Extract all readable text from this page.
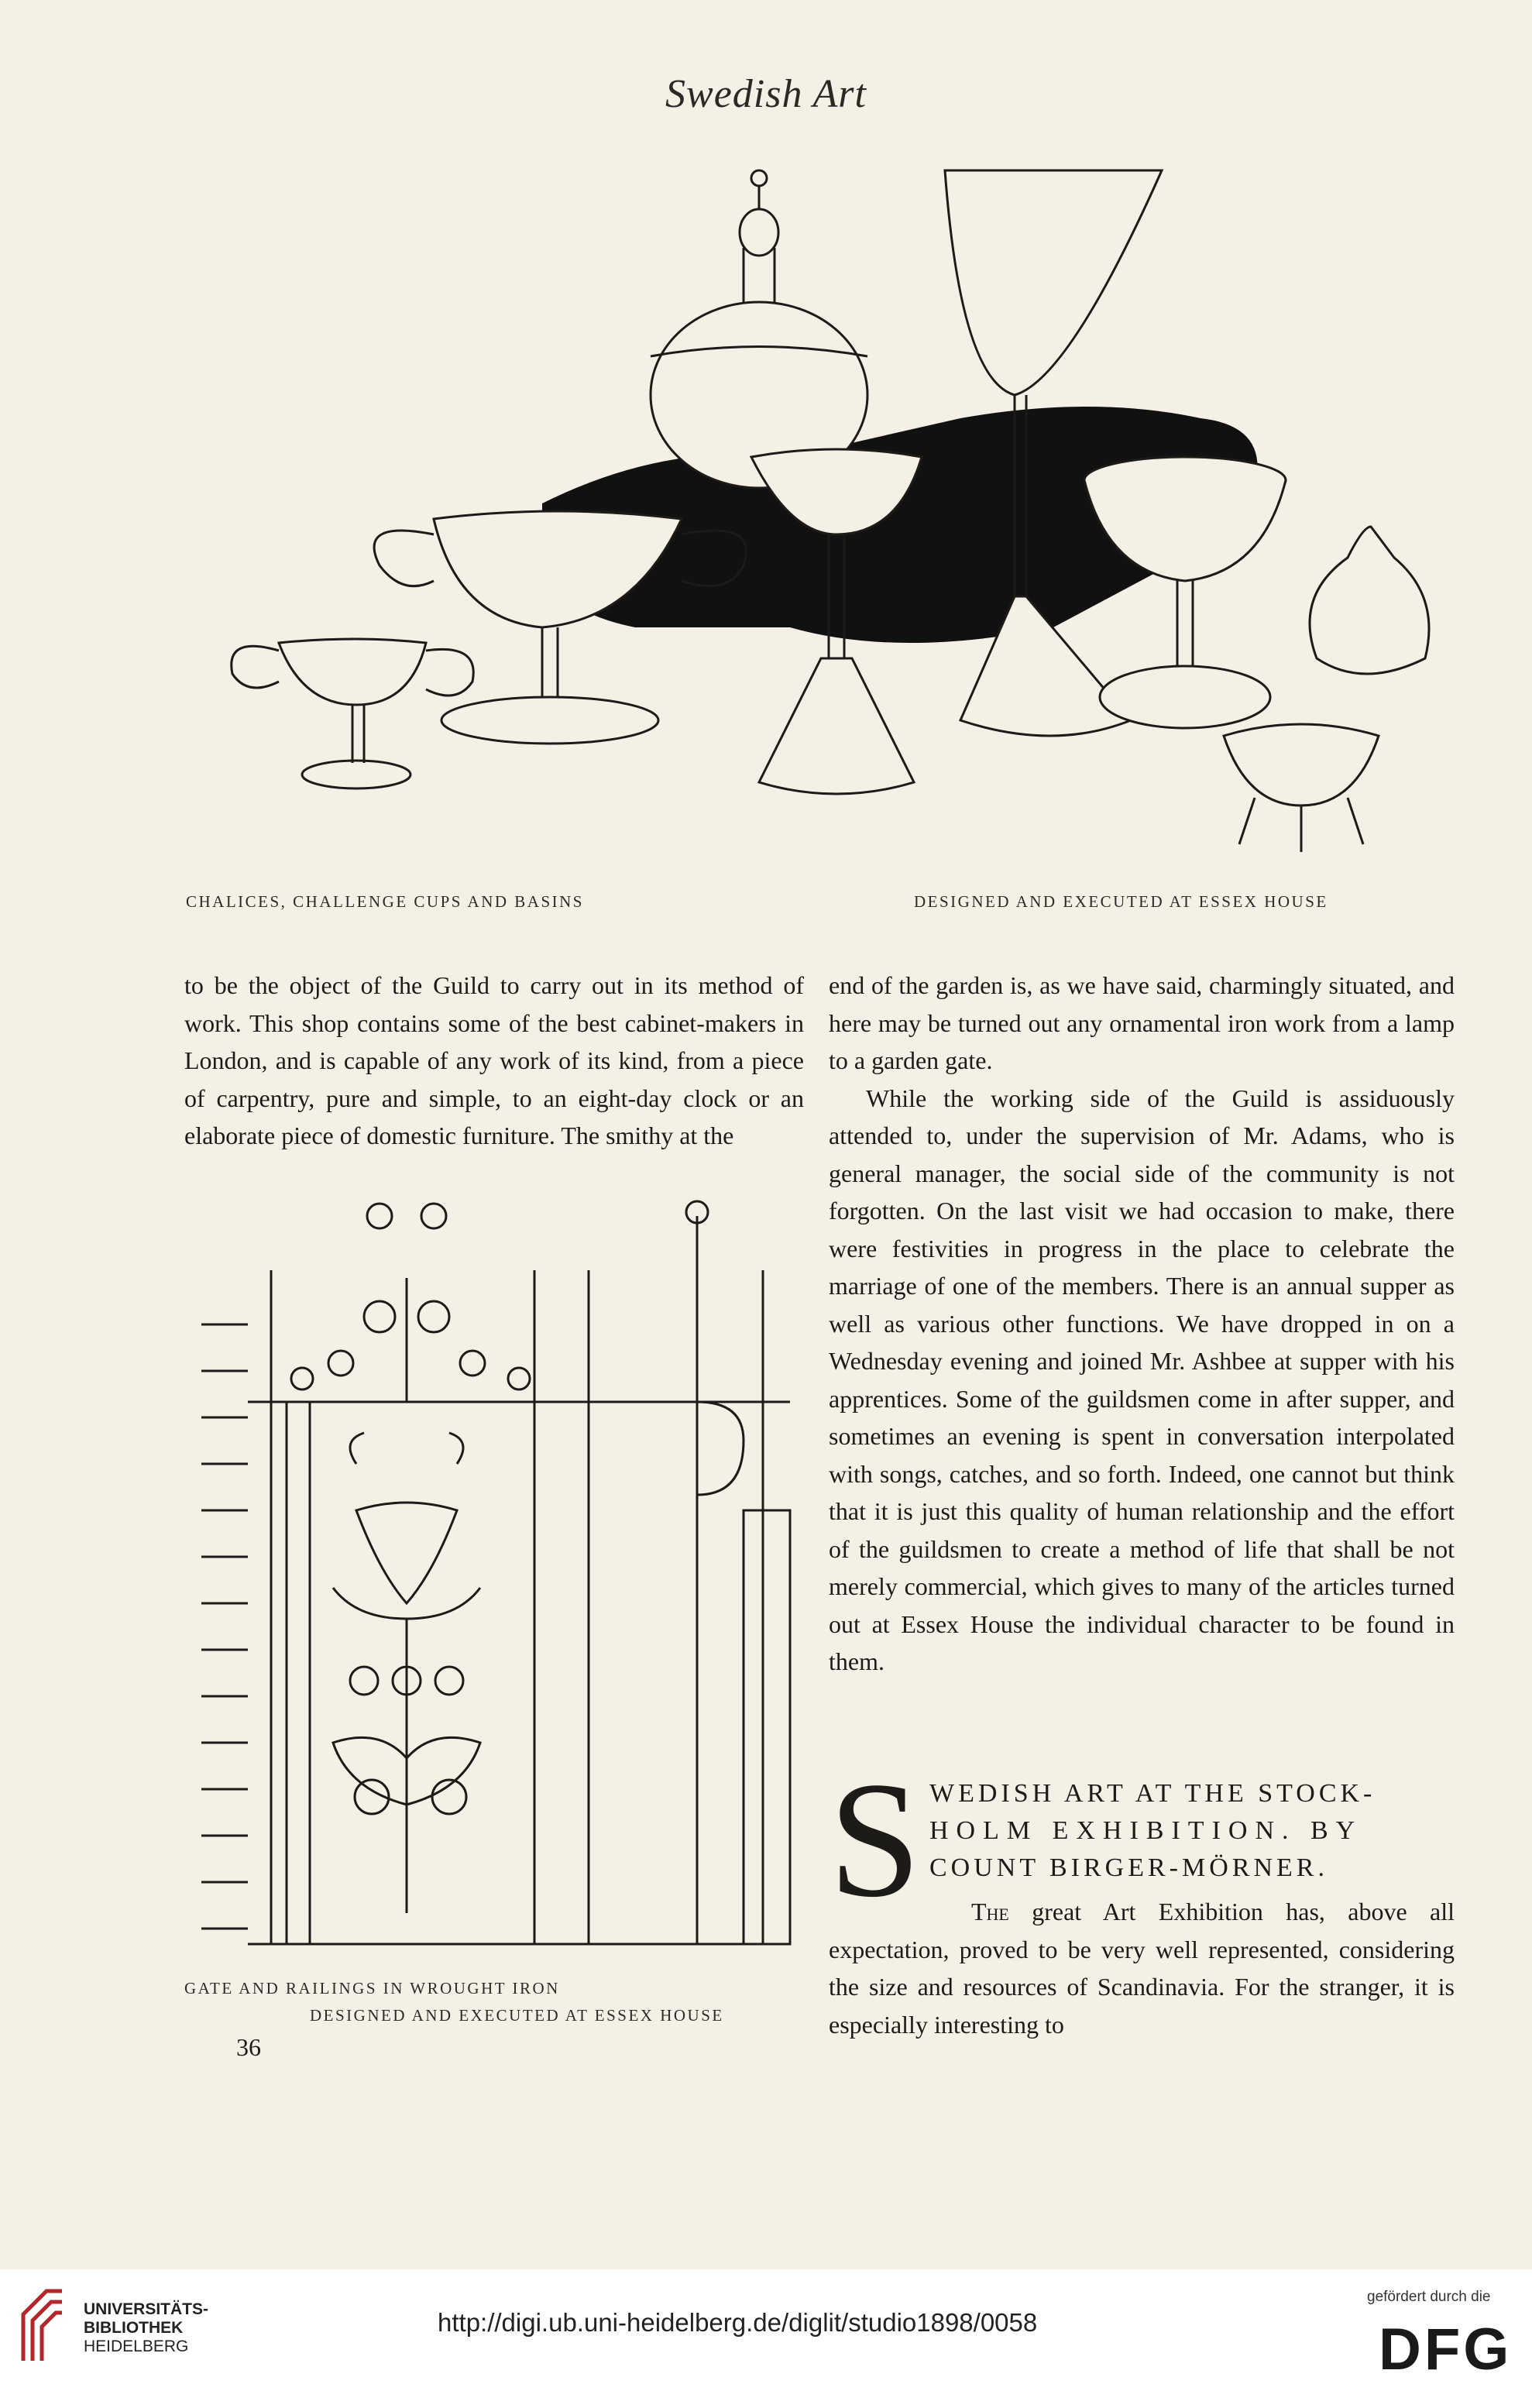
Swedish Art
CHALICES, CHALLENGE CUPS AND BASINS	DESIGNED AND EXECUTED AT ESSEX HOUSE

to be the object of the Guild to carry out in its method of work. This shop contains some of the best cabinet-makers in London, and is capable of any work of its kind, from a piece of carpentry, pure and simple, to an eight-day clock or an elaborate piece of domestic furniture. The smithy at the

GATE AND RAILINGS IN WROUGHT IRON
DESIGNED AND EXECUTED AT ESSEX HOUSE

end of the garden is, as we have said, charmingly situated, and here may be turned out any ornamental iron work from a lamp to a garden gate.

While the working side of the Guild is assiduously attended to, under the supervision of Mr. Adams, who is general manager, the social side of the community is not forgotten. On the last visit we had occasion to make, there were festivities in progress in the place to celebrate the marriage of one of the members. There is an annual supper as well as various other functions. We have dropped in on a Wednesday evening and joined Mr. Ashbee at supper with his apprentices. Some of the guildsmen come in after supper, and sometimes an evening is spent in conversation interpolated with songs, catches, and so forth. Indeed, one cannot but think that it is just this quality of human relationship and the effort of the guildsmen to create a method of life that shall be not merely commercial, which gives to many of the articles turned out at Essex House the individual character to be found in them.

S WEDISH ART AT THE STOCK-
HOLM EXHIBITION. BY
COUNT BIRGER-MÖRNER.
The great Art Exhibition has, above all expectation, proved to be very well represented, considering the size and resources of Scandinavia. For the stranger, it is especially interesting to
36
UNIVERSITÄTS-
BIBLIOTHEK
HEIDELBERG
http://digi.ub.uni-heidelberg.de/diglit/studio1898/0058
gefördert durch die
DFG
